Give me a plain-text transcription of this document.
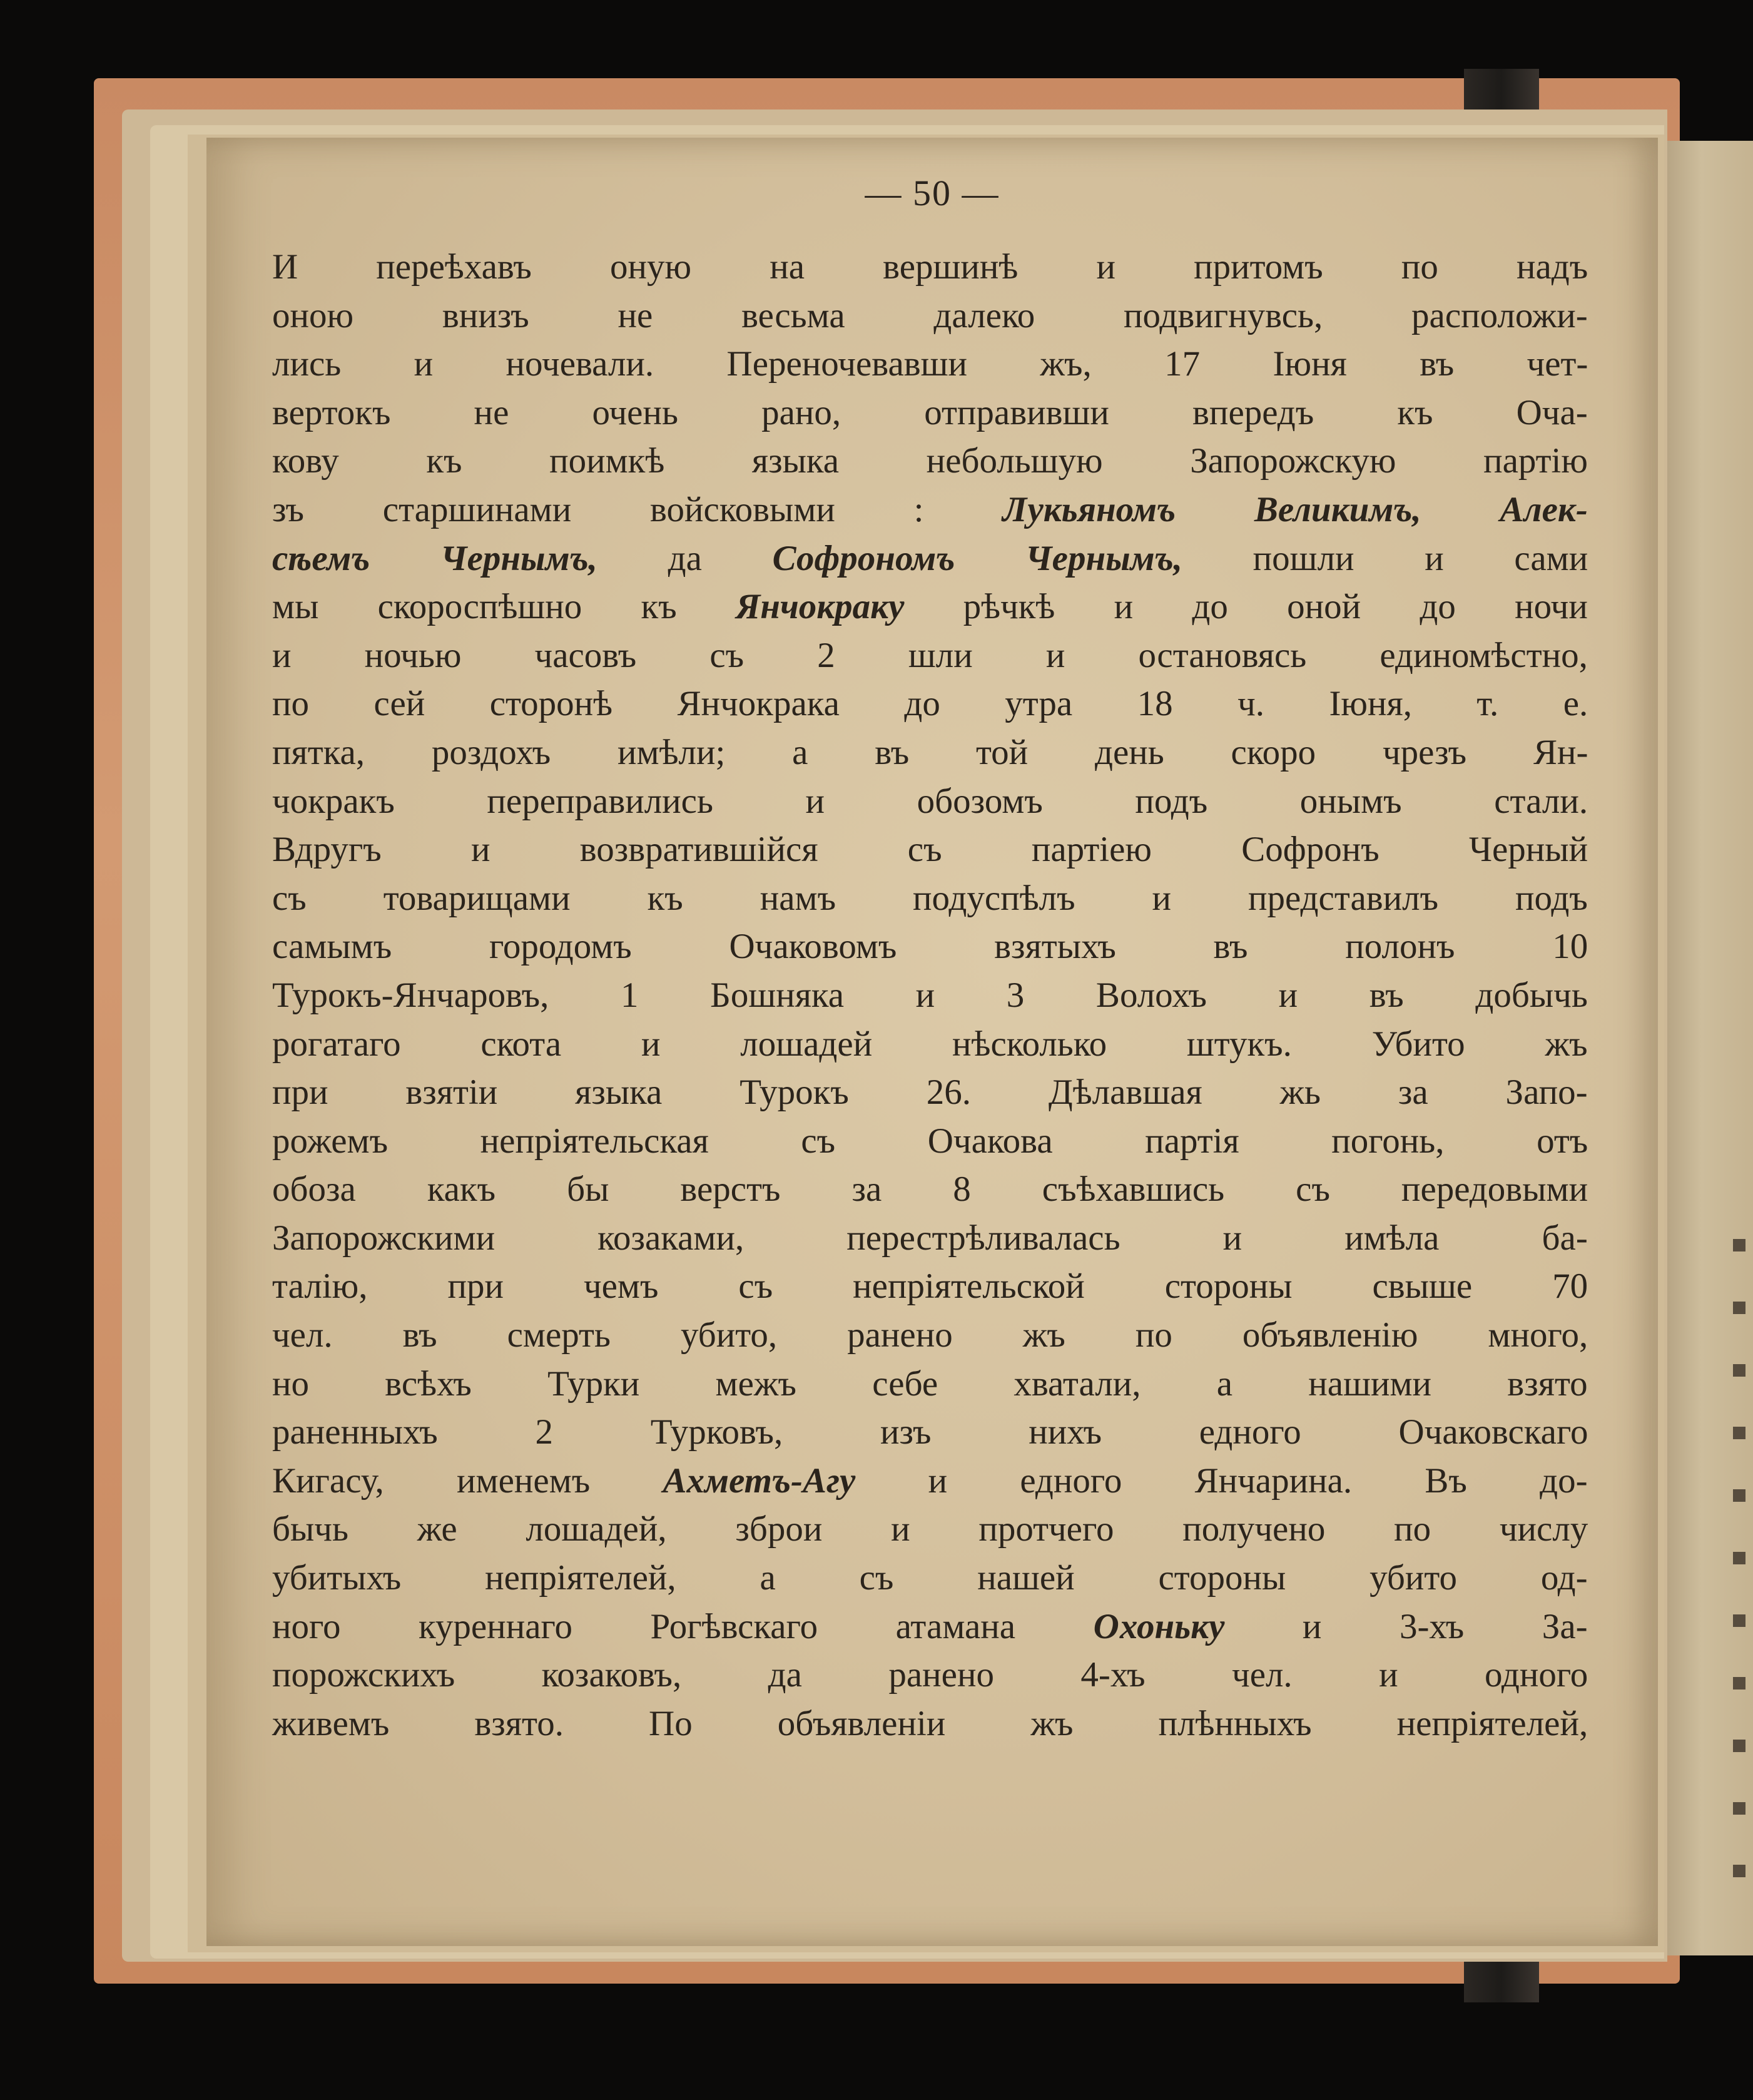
— 50 —
И переѣхавъ оную на вершинѣ и притомъ по надъ
оною внизъ не весьма далеко подвигнувсь, расположи-
лись и ночевали. Переночевавши жъ, 17 Іюня въ чет-
вертокъ не очень рано, отправивши впередъ къ Оча-
кову къ поимкѣ языка небольшую Запорожскую партію
зъ старшинами войсковыми : Лукьяномъ Великимъ, Алек-
сѣемъ Чернымъ, да Софрономъ Чернымъ, пошли и сами
мы скороспѣшно къ Янчокраку рѣчкѣ и до оной до ночи
и ночью часовъ съ 2 шли и остановясь единомѣстно,
по сей сторонѣ Янчокрака до утра 18 ч. Іюня, т. е.
пятка, роздохъ имѣли; а въ той день скоро чрезъ Ян-
чокракъ переправились и обозомъ подъ онымъ стали.
Вдругъ и возвратившійся съ партіею Софронъ Черный
съ товарищами къ намъ подуспѣлъ и представилъ подъ
самымъ городомъ Очаковомъ взятыхъ въ полонъ 10
Турокъ-Янчаровъ, 1 Бошняка и 3 Волохъ и въ добычь
рогатаго скота и лошадей нѣсколько штукъ. Убито жъ
при взятіи языка Турокъ 26. Дѣлавшая жь за Запо-
рожемъ непріятельская съ Очакова партія погонь, отъ
обоза какъ бы верстъ за 8 съѣхавшись съ передовыми
Запорожскими козаками, перестрѣливалась и имѣла ба-
талію, при чемъ съ непріятельской стороны свыше 70
чел. въ смерть убито, ранено жъ по объявленію много,
но всѣхъ Турки межъ себе хватали, а нашими взято
раненныхъ 2 Турковъ, изъ нихъ едного Очаковскаго
Кигасу, именемъ Ахметъ-Агу и едного Янчарина. Въ до-
бычь же лошадей, зброи и протчего получено по числу
убитыхъ непріятелей, а съ нашей стороны убито од-
ного куреннаго Рогѣвскаго атамана Охоньку и 3-хъ За-
порожскихъ козаковъ, да ранено 4-хъ чел. и одного
живемъ взято. По объявленіи жъ плѣнныхъ непріятелей,
